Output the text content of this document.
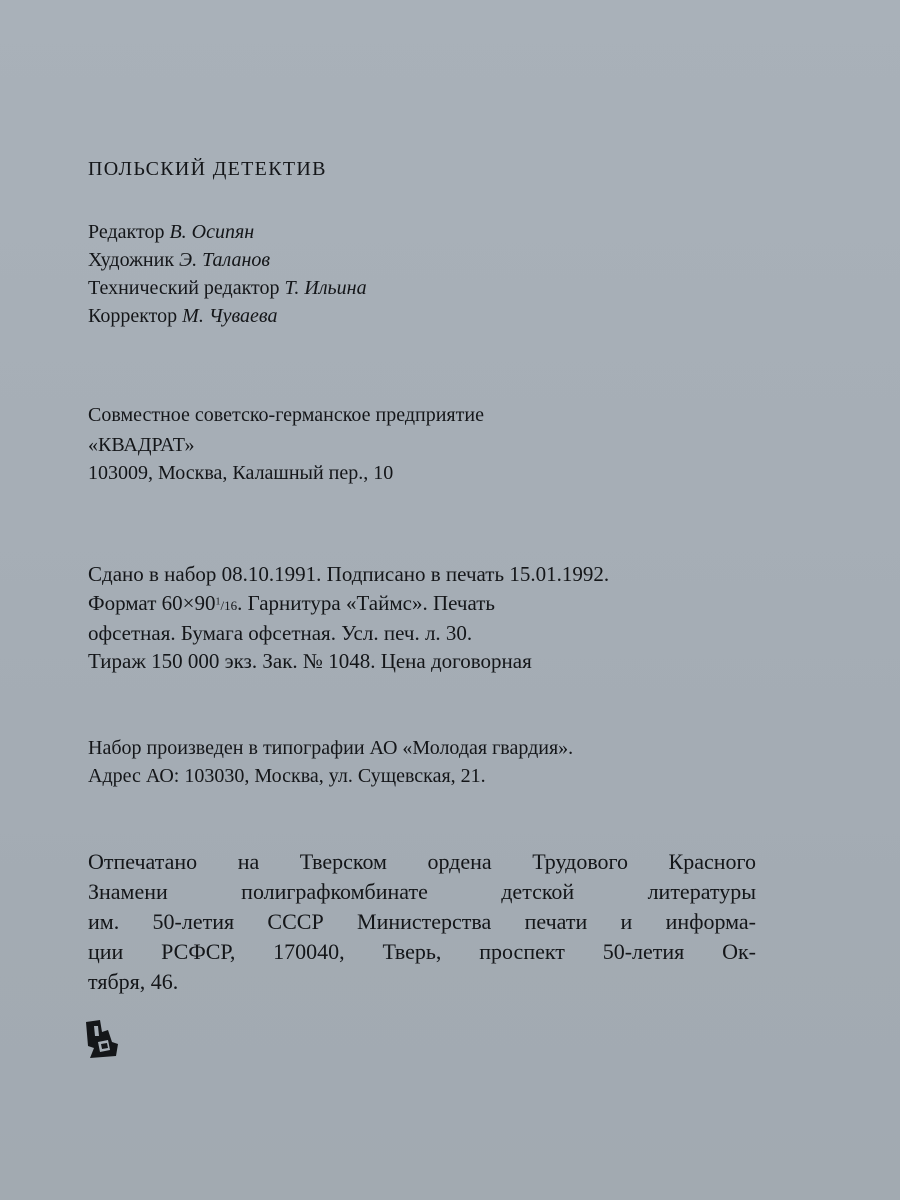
ПОЛЬСКИЙ ДЕТЕКТИВ

Редактор В. Осипян

Художник Э. Таланов

Технический редактор Т. Ильина

Корректор М. Чуваева

Совместное советско-германское предприятие

«КВАДРАТ»

103009, Москва, Калашный пер., 10

Сдано в набор 08.10.1991. Подписано в печать 15.01.1992.

Формат $60\times 90^1/16$. Гарнитура «Таймс». Печать

офсетная. Бумага офсетная. Усл. печ. л. 30.

Тираж 150 000 экз. Зак. № 1048. Цена договорная

Набор произведен в типографии АО «Молодая гвардия».

Адрес АО: 103030, Москва, ул. Сущевская, 21.

Отпечатано на Тверском ордена Трудового Красного

Знамени полиграфкомбинате детской литературы

им. 50-летия СССР Министерства печати и информа-

ции РСФСР, 170040, Тверь, проспект 50-летия Ок-

тября, 46.
